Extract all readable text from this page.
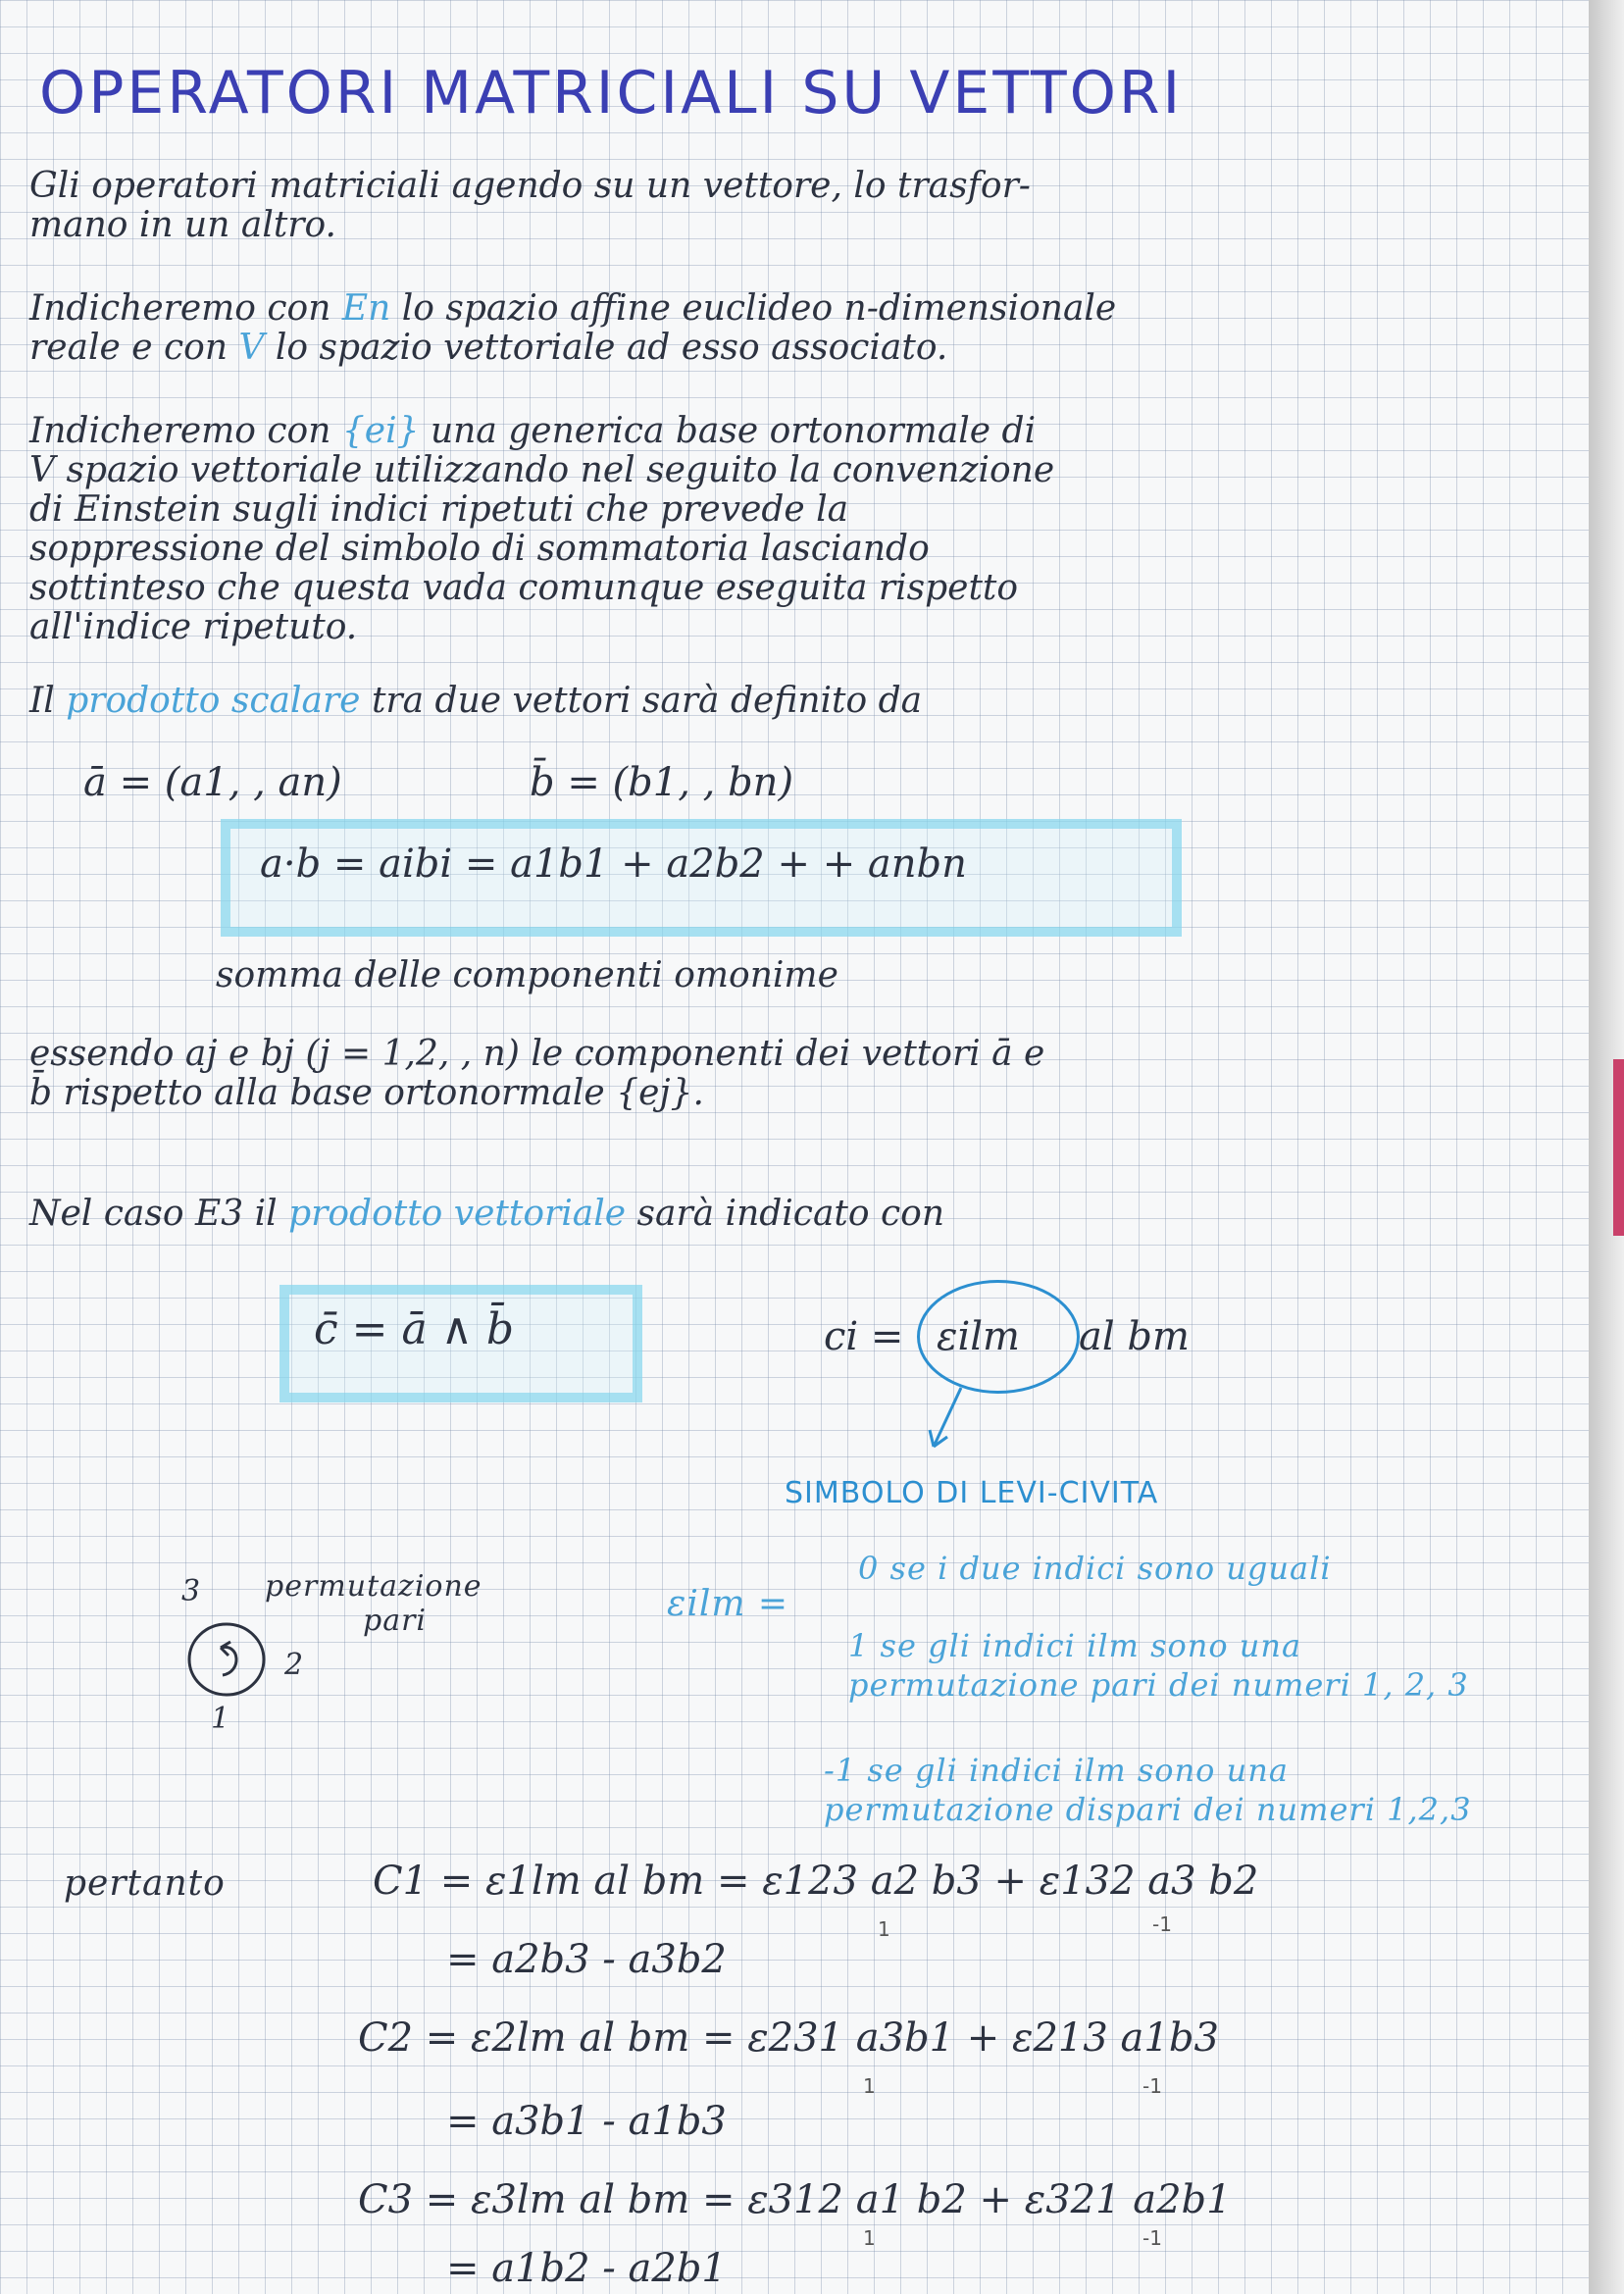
OPERATORI MATRICIALI SU VETTORI
Gli operatori matriciali agendo su un vettore, lo trasfor-
mano in un altro.
Indicheremo con En lo spazio affine euclideo n-dimensionale
reale e con V lo spazio vettoriale ad esso associato.
Indicheremo con {ei} una generica base ortonormale di
V spazio vettoriale utilizzando nel seguito la convenzione
di Einstein sugli indici ripetuti che prevede la
soppressione del simbolo di sommatoria lasciando
sottinteso che questa vada comunque eseguita rispetto
all'indice ripetuto.
Il prodotto scalare tra due vettori sarà definito da
ā = (a1, , an)	b̄ = (b1, , bn)
a·b = aibi = a1b1 + a2b2 + + anbn
somma delle componenti omonime
essendo aj e bj (j = 1,2, , n) le componenti dei vettori ā e
b̄ rispetto alla base ortonormale {ej}.
Nel caso E3 il prodotto vettoriale sarà indicato con
c̄ = ā ∧ b̄	ci = εilm al bm
SIMBOLO DI LEVI-CIVITA
3
2
1
permutazione
pari	εilm =
0 se i due indici sono uguali
1 se gli indici ilm sono una
permutazione pari dei numeri 1, 2, 3
-1 se gli indici ilm sono una
permutazione dispari dei numeri 1,2,3
pertanto	C1 = ε1lm al bm = ε123 a2 b3 + ε132 a3 b2
= a2b3 - a3b2
1	-1
C2 = ε2lm al bm = ε231 a3b1 + ε213 a1b3
= a3b1 - a1b3
1	-1
C3 = ε3lm al bm = ε312 a1 b2 + ε321 a2b1
= a1b2 - a2b1
1	-1
